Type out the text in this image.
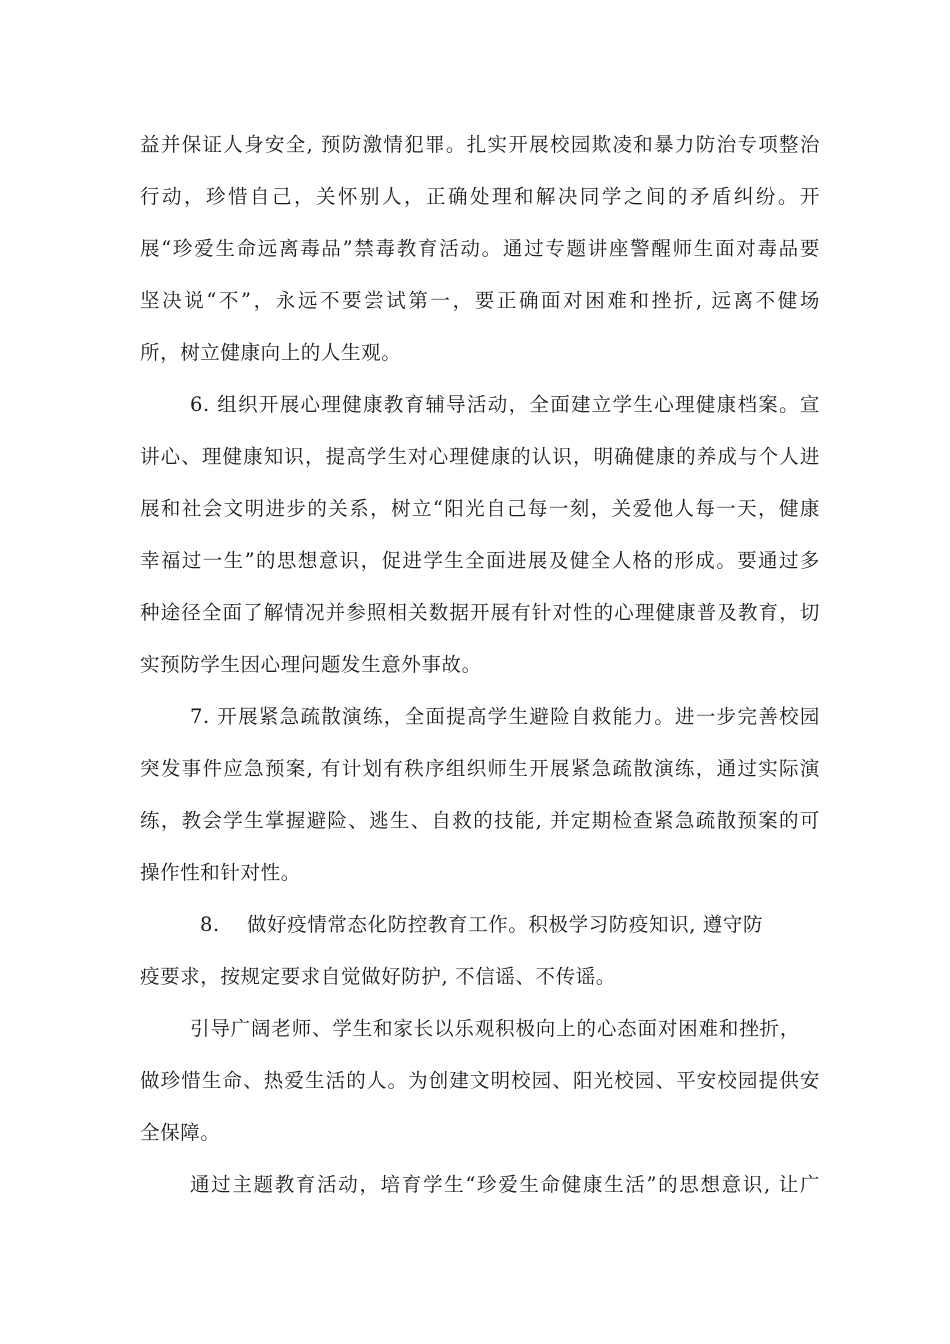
益并保证人身安全, 预防激情犯罪。扎实开展校园欺凌和暴力防治专项整治
行动，珍惜自己，关怀别人，正确处理和解决同学之间的矛盾纠纷。开
展“珍爱生命远离毒品”禁毒教育活动。通过专题讲座警醒师生面对毒品要
坚决说“不”，永远不要尝试第一，要正确面对困难和挫折, 远离不健场
所，树立健康向上的人生观。
6. 组织开展心理健康教育辅导活动，全面建立学生心理健康档案。宣
讲心、理健康知识，提高学生对心理健康的认识，明确健康的养成与个人进
展和社会文明进步的关系，树立“阳光自己每一刻，关爱他人每一天，健康
幸福过一生”的思想意识，促进学生全面进展及健全人格的形成。要通过多
种途径全面了解情况并参照相关数据开展有针对性的心理健康普及教育，切
实预防学生因心理问题发生意外事故。
7. 开展紧急疏散演练，全面提高学生避险自救能力。进一步完善校园
突发事件应急预案, 有计划有秩序组织师生开展紧急疏散演练，通过实际演
练，教会学生掌握避险、逃生、自救的技能, 并定期检查紧急疏散预案的可
操作性和针对性。
8.    做好疫情常态化防控教育工作。积极学习防疫知识, 遵守防
疫要求，按规定要求自觉做好防护, 不信谣、不传谣。
引导广阔老师、学生和家长以乐观积极向上的心态面对困难和挫折，
做珍惜生命、热爱生活的人。为创建文明校园、阳光校园、平安校园提供安
全保障。
通过主题教育活动，培育学生“珍爱生命健康生活”的思想意识, 让广
